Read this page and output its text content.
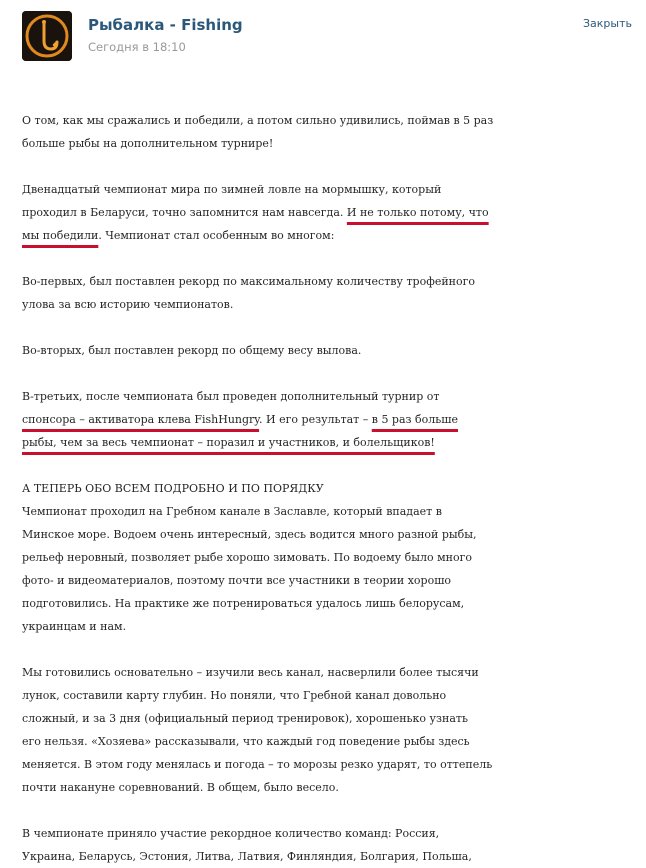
Рыбалка - Fishing
Сегодня в 18:10
Закрыть

О том, как мы сражались и победили, а потом сильно удивились, поймав в 5 раз

больше рыбы на дополнительном турнире!

Двенадцатый чемпионат мира по зимней ловле на мормышку, который

проходил в Беларуси, точно запомнится нам навсегда. И не только потому, что

мы победили. Чемпионат стал особенным во многом:

Во-первых, был поставлен рекорд по максимальному количеству трофейного

улова за всю историю чемпионатов.

Во-вторых, был поставлен рекорд по общему весу вылова.

В-третьих, после чемпионата был проведен дополнительный турнир от

спонсора – активатора клева FishHungry. И его результат – в 5 раз больше

рыбы, чем за весь чемпионат – поразил и участников, и болельщиков!

А ТЕПЕРЬ ОБО ВСЕМ ПОДРОБНО И ПО ПОРЯДКУ

Чемпионат проходил на Гребном канале в Заславле, который впадает в

Минское море. Водоем очень интересный, здесь водится много разной рыбы,

рельеф неровный, позволяет рыбе хорошо зимовать. По водоему было много

фото- и видеоматериалов, поэтому почти все участники в теории хорошо

подготовились. На практике же потренироваться удалось лишь белорусам,

украинцам и нам.

Мы готовились основательно – изучили весь канал, насверлили более тысячи

лунок, составили карту глубин. Но поняли, что Гребной канал довольно

сложный, и за 3 дня (официальный период тренировок), хорошенько узнать

его нельзя. «Хозяева» рассказывали, что каждый год поведение рыбы здесь

меняется. В этом году менялась и погода – то морозы резко ударят, то оттепель

почти накануне соревнований. В общем, было весело.

В чемпионате приняло участие рекордное количество команд: Россия,

Украина, Беларусь, Эстония, Литва, Латвия, Финляндия, Болгария, Польша,
